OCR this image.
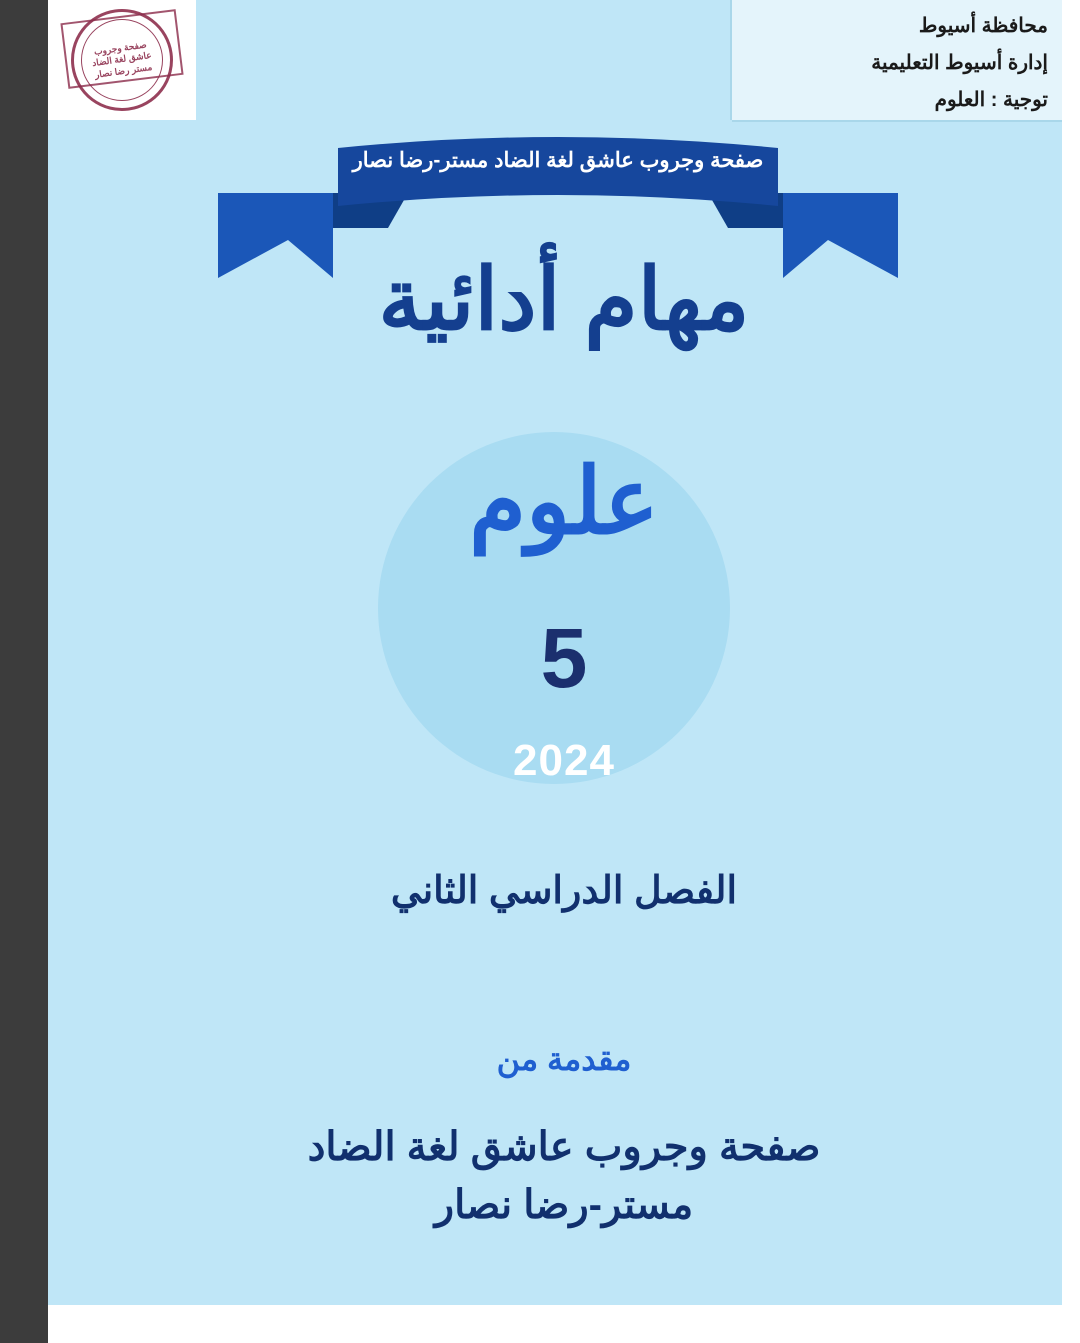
محافظة أسيوط
إدارة أسيوط التعليمية
توجية : العلوم
صفحة وجروب عاشق لغة الضاد مستر رضا نصار
صفحة وجروب عاشق لغة الضاد مستر-رضا نصار
مهام أدائية
علوم
5
2024
الفصل الدراسي الثاني
مقدمة من
صفحة وجروب عاشق لغة الضاد
مستر-رضا نصار
